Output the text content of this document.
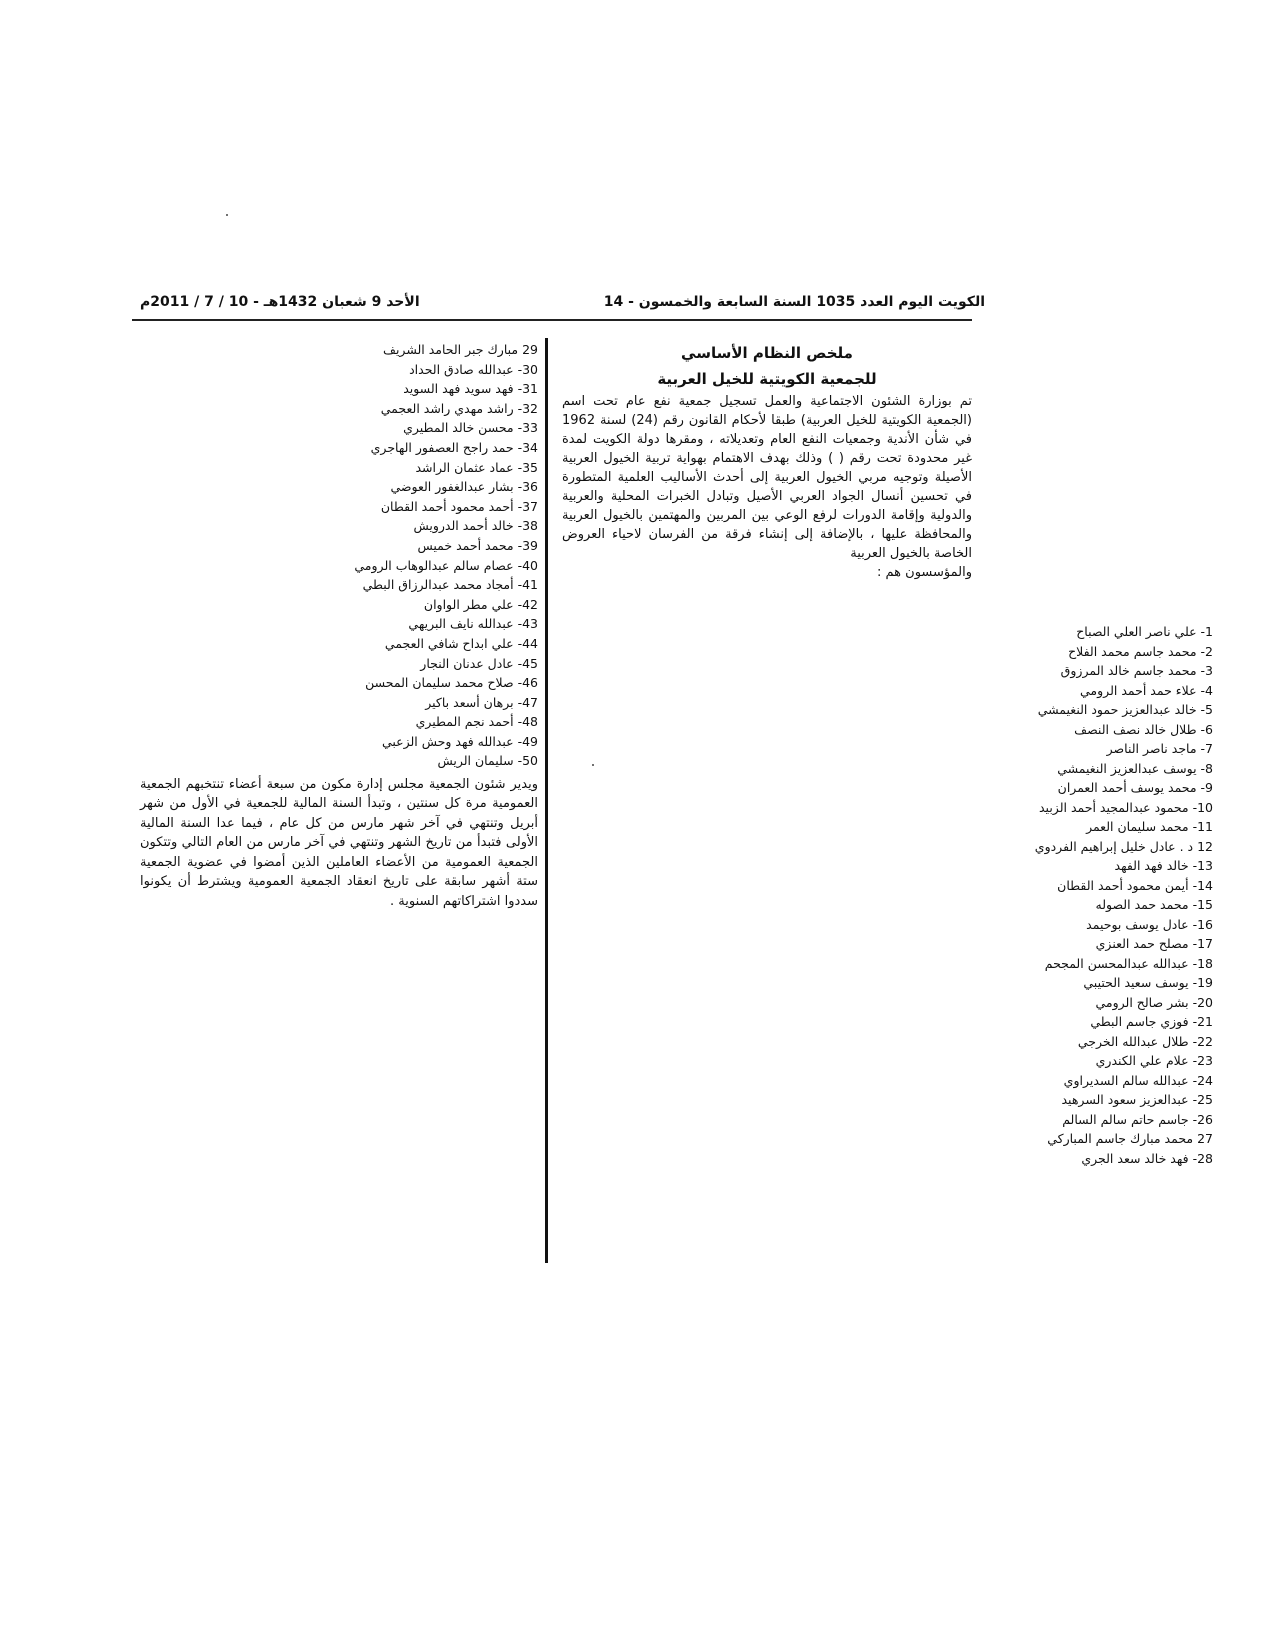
الكويت اليوم العدد 1035 السنة السابعة والخمسون - 14
الأحد 9 شعبان 1432هـ - 10 / 7 / 2011م
ملخص النظام الأساسي
للجمعية الكويتية للخيل العربية

تم بوزارة الشئون الاجتماعية والعمل تسجيل جمعية نفع عام تحت اسم (الجمعية الكويتية للخيل العربية) طبقا لأحكام القانون رقم (24) لسنة 1962 في شأن الأندية وجمعيات النفع العام وتعديلاته ، ومقرها دولة الكويت لمدة غير محدودة تحت رقم ( ) وذلك بهدف الاهتمام بهواية تربية الخيول العربية الأصيلة وتوجيه مربي الخيول العربية إلى أحدث الأساليب العلمية المتطورة في تحسين أنسال الجواد العربي الأصيل وتبادل الخبرات المحلية والعربية والدولية وإقامة الدورات لرفع الوعي بين المربين والمهتمين بالخيول العربية والمحافظة عليها ، بالإضافة إلى إنشاء فرقة من الفرسان لاحياء العروض الخاصة بالخيول العربية

والمؤسسون هم :

1- علي ناصر العلي الصباح
2- محمد جاسم محمد الفلاح
3- محمد جاسم خالد المرزوق
4- علاء حمد أحمد الرومي
5- خالد عبدالعزيز حمود النغيمشي
6- طلال خالد نصف النصف
7- ماجد ناصر الناصر
8- يوسف عبدالعزيز النغيمشي
9- محمد يوسف أحمد العمران
10- محمود عبدالمجيد أحمد الزبيد
11- محمد سليمان العمر
12 د . عادل خليل إبراهيم الفردوي
13- خالد فهد الفهد
14- أيمن محمود أحمد القطان
15- محمد حمد الصوله
16- عادل يوسف بوحيمد
17- مصلح حمد العنزي
18- عبدالله عبدالمحسن المجحم
19- يوسف سعيد الحتيبي
20- بشر صالح الرومي
21- فوزي جاسم البطي
22- طلال عبدالله الخرجي
23- علام علي الكندري
24- عبدالله سالم السديراوي
25- عبدالعزيز سعود السرهيد
26- جاسم حاتم سالم السالم
27 محمد مبارك جاسم المباركي
28- فهد خالد سعد الجري
29 مبارك جبر الحامد الشريف
30- عبدالله صادق الحداد
31- فهد سويد فهد السويد
32- راشد مهدي راشد العجمي
33- محسن خالد المطيري
34- حمد راجح العصفور الهاجري
35- عماد عثمان الراشد
36- بشار عبدالغفور العوضي
37- أحمد محمود أحمد القطان
38- خالد أحمد الدرويش
39- محمد أحمد خميس
40- عصام سالم عبدالوهاب الرومي
41- أمجاد محمد عبدالرزاق البطي
42- علي مطر الواوان
43- عبدالله نايف البريهي
44- علي ابداح شافي العجمي
45- عادل عدنان النجار
46- صلاح محمد سليمان المحسن
47- برهان أسعد باكير
48- أحمد نجم المطيري
49- عبدالله فهد وحش الزعبي
50- سليمان الريش

ويدير شئون الجمعية مجلس إدارة مكون من سبعة أعضاء تنتخبهم الجمعية العمومية مرة كل سنتين ، وتبدأ السنة المالية للجمعية في الأول من شهر أبريل وتنتهي في آخر شهر مارس من كل عام ، فيما عدا السنة المالية الأولى فتبدأ من تاريخ الشهر وتنتهي في آخر مارس من العام التالي وتتكون الجمعية العمومية من الأعضاء العاملين الذين أمضوا في عضوية الجمعية ستة أشهر سابقة على تاريخ انعقاد الجمعية العمومية ويشترط أن يكونوا سددوا اشتراكاتهم السنوية .
